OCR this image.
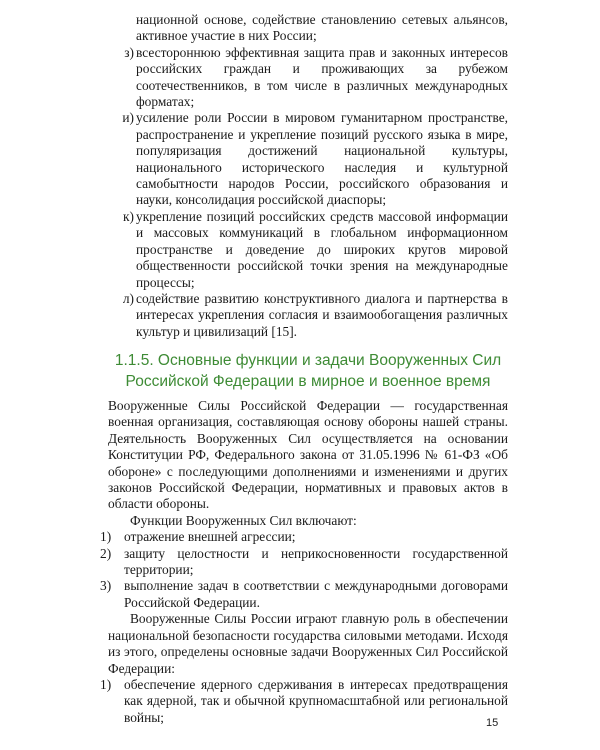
национной основе, содействие становлению сетевых альянсов, активное участие в них России;

з) всестороннюю эффективная защита прав и законных интересов российских граждан и проживающих за рубежом соотечественников, в том числе в различных международных форматах;
и) усиление роли России в мировом гуманитарном пространстве, распространение и укрепление позиций русского языка в мире, популяризация достижений национальной культуры, национального исторического наследия и культурной самобытности народов России, российского образования и науки, консолидация российской диаспоры;
к) укрепление позиций российских средств массовой информации и массовых коммуникаций в глобальном информационном пространстве и доведение до широких кругов мировой общественности российской точки зрения на международные процессы;
л) содействие развитию конструктивного диалога и партнерства в интересах укрепления согласия и взаимообогащения различных культур и цивилизаций [15].
1.1.5. Основные функции и задачи Вооруженных Сил
Российской Федерации в мирное и военное время

Вооруженные Силы Российской Федерации — государственная военная организация, составляющая основу обороны нашей страны. Деятельность Вооруженных Сил осуществляется на основании Конституции РФ, Федерального закона от 31.05.1996 № 61-ФЗ «Об обороне» с последующими дополнениями и изменениями и других законов Российской Федерации, нормативных и правовых актов в области обороны.

Функции Вооруженных Сил включают:

1) отражение внешней агрессии;
2) защиту целостности и неприкосновенности государственной территории;
3) выполнение задач в соответствии с международными договорами Российской Федерации.

Вооруженные Силы России играют главную роль в обеспечении национальной безопасности государства силовыми методами. Исходя из этого, определены основные задачи Вооруженных Сил Российской Федерации:

1) обеспечение ядерного сдерживания в интересах предотвращения как ядерной, так и обычной крупномасштабной или региональной войны;	15
